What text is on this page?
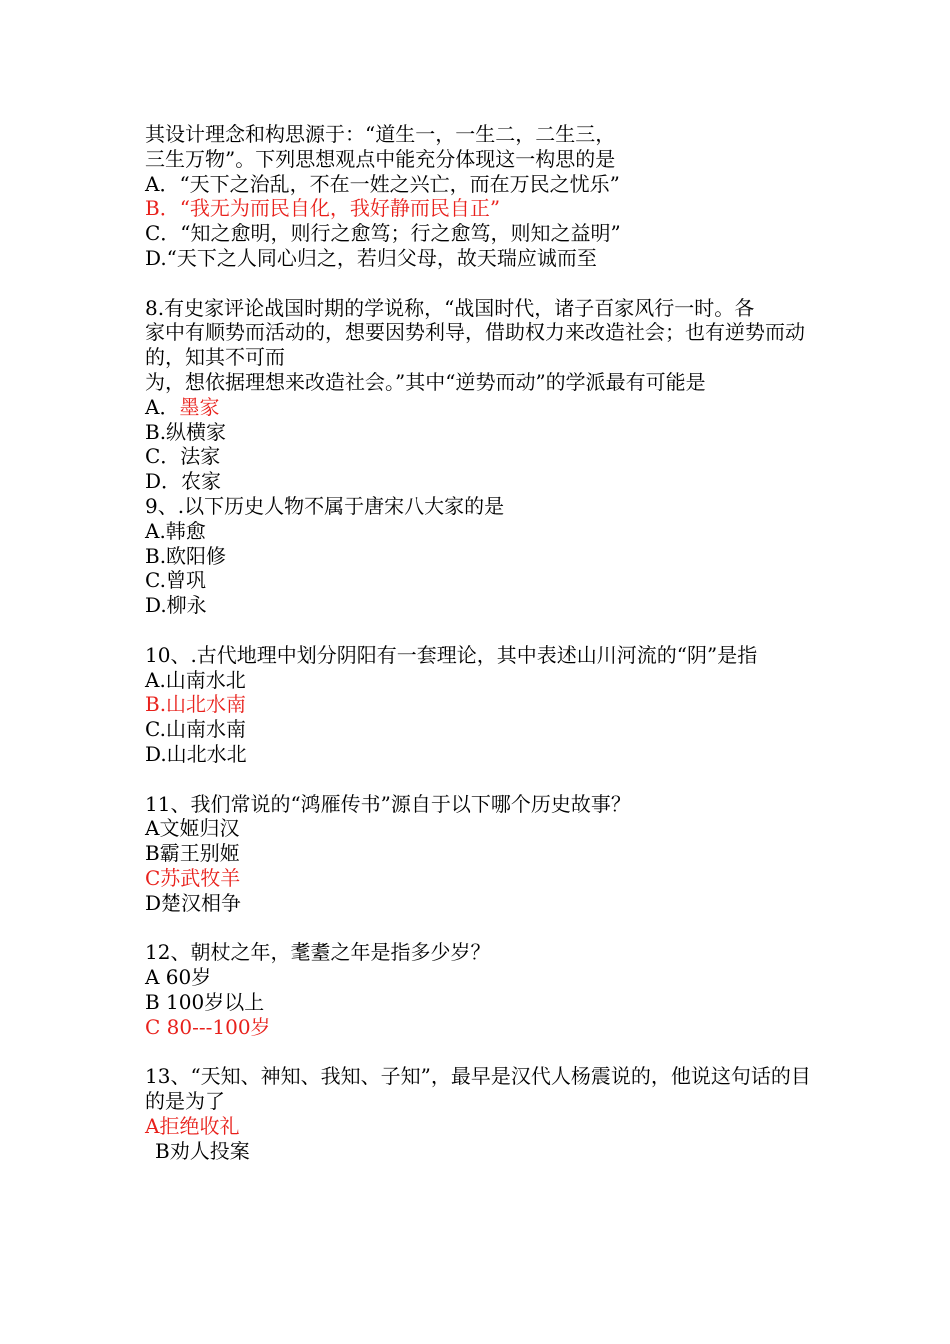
其设计理念和构思源于：“道生一，一生二，二生三，
三生万物”。下列思想观点中能充分体现这一构思的是
A．“天下之治乱，不在一姓之兴亡，而在万民之忧乐”
B．“我无为而民自化，我好静而民自正”
C．“知之愈明，则行之愈笃；行之愈笃，则知之益明”
D.“天下之人同心归之，若归父母，故天瑞应诚而至
8.有史家评论战国时期的学说称，“战国时代，诸子百家风行一时。各
家中有顺势而活动的，想要因势利导，借助权力来改造社会；也有逆势而动的，知其不可而
为，想依据理想来改造社会。”其中“逆势而动”的学派最有可能是
A．墨家
B.纵横家
C．法家
D．农家
9、.以下历史人物不属于唐宋八大家的是
A.韩愈
B.欧阳修
C.曾巩
D.柳永
10、.古代地理中划分阴阳有一套理论，其中表述山川河流的“阴”是指
A.山南水北
B.山北水南
C.山南水南
D.山北水北
11、我们常说的“鸿雁传书”源自于以下哪个历史故事？
A文姬归汉
B霸王别姬
C苏武牧羊
D楚汉相争
12、朝杖之年，耄耋之年是指多少岁？
A 60岁
B 100岁以上
C 80---100岁
13、“天知、神知、我知、子知”，最早是汉代人杨震说的，他说这句话的目的是为了
A拒绝收礼
B劝人投案
